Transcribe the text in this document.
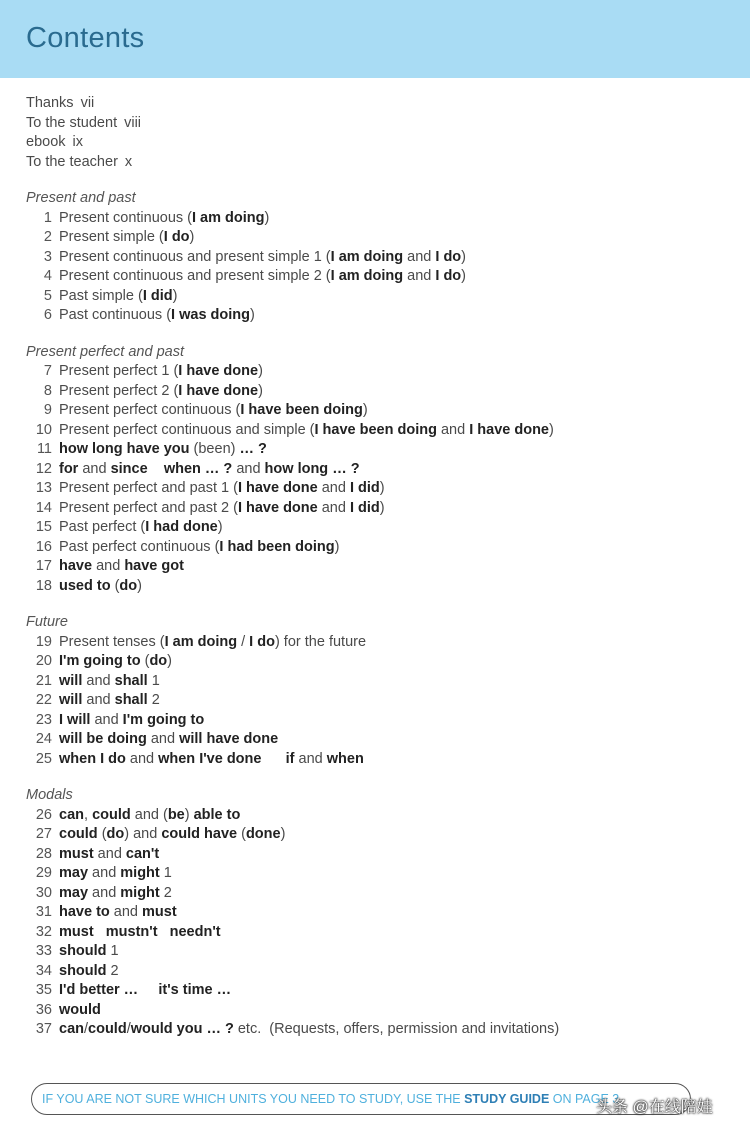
Contents
Thanks vii
To the student viii
ebook ix
To the teacher x
Present and past
1 Present continuous (I am doing)
2 Present simple (I do)
3 Present continuous and present simple 1 (I am doing and I do)
4 Present continuous and present simple 2 (I am doing and I do)
5 Past simple (I did)
6 Past continuous (I was doing)
Present perfect and past
7 Present perfect 1 (I have done)
8 Present perfect 2 (I have done)
9 Present perfect continuous (I have been doing)
10 Present perfect continuous and simple (I have been doing and I have done)
11 how long have you (been) … ?
12 for and since when … ? and how long … ?
13 Present perfect and past 1 (I have done and I did)
14 Present perfect and past 2 (I have done and I did)
15 Past perfect (I had done)
16 Past perfect continuous (I had been doing)
17 have and have got
18 used to (do)
Future
19 Present tenses (I am doing / I do) for the future
20 I'm going to (do)
21 will and shall 1
22 will and shall 2
23 I will and I'm going to
24 will be doing and will have done
25 when I do and when I've done if and when
Modals
26 can, could and (be) able to
27 could (do) and could have (done)
28 must and can't
29 may and might 1
30 may and might 2
31 have to and must
32 must mustn't needn't
33 should 1
34 should 2
35 I'd better … it's time …
36 would
37 can/could/would you … ? etc.  (Requests, offers, permission and invitations)
IF YOU ARE NOT SURE WHICH UNITS YOU NEED TO STUDY, USE THE STUDY GUIDE ON PAGE 3
头条 @在线陪娃
